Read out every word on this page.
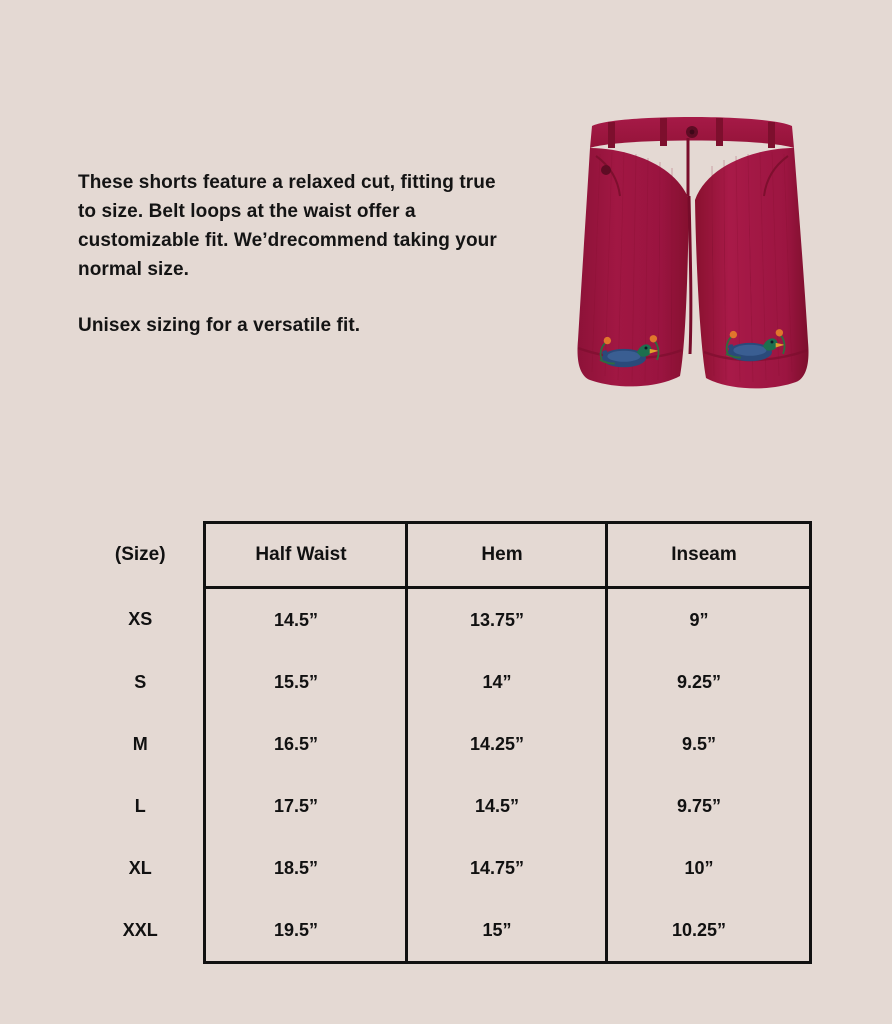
These shorts feature a relaxed cut, fitting true to size. Belt loops at the waist offer a customizable fit. We’drecommend taking your normal size.

Unisex sizing for a versatile fit.

(Size)	Half Waist	Hem	Inseam

XS	14.5”	13.75”	9”

S	15.5”	14”	9.25”

M	16.5”	14.25”	9.5”

L	17.5”	14.5”	9.75”

XL	18.5”	14.75”	10”

XXL	19.5”	15”	10.25”
